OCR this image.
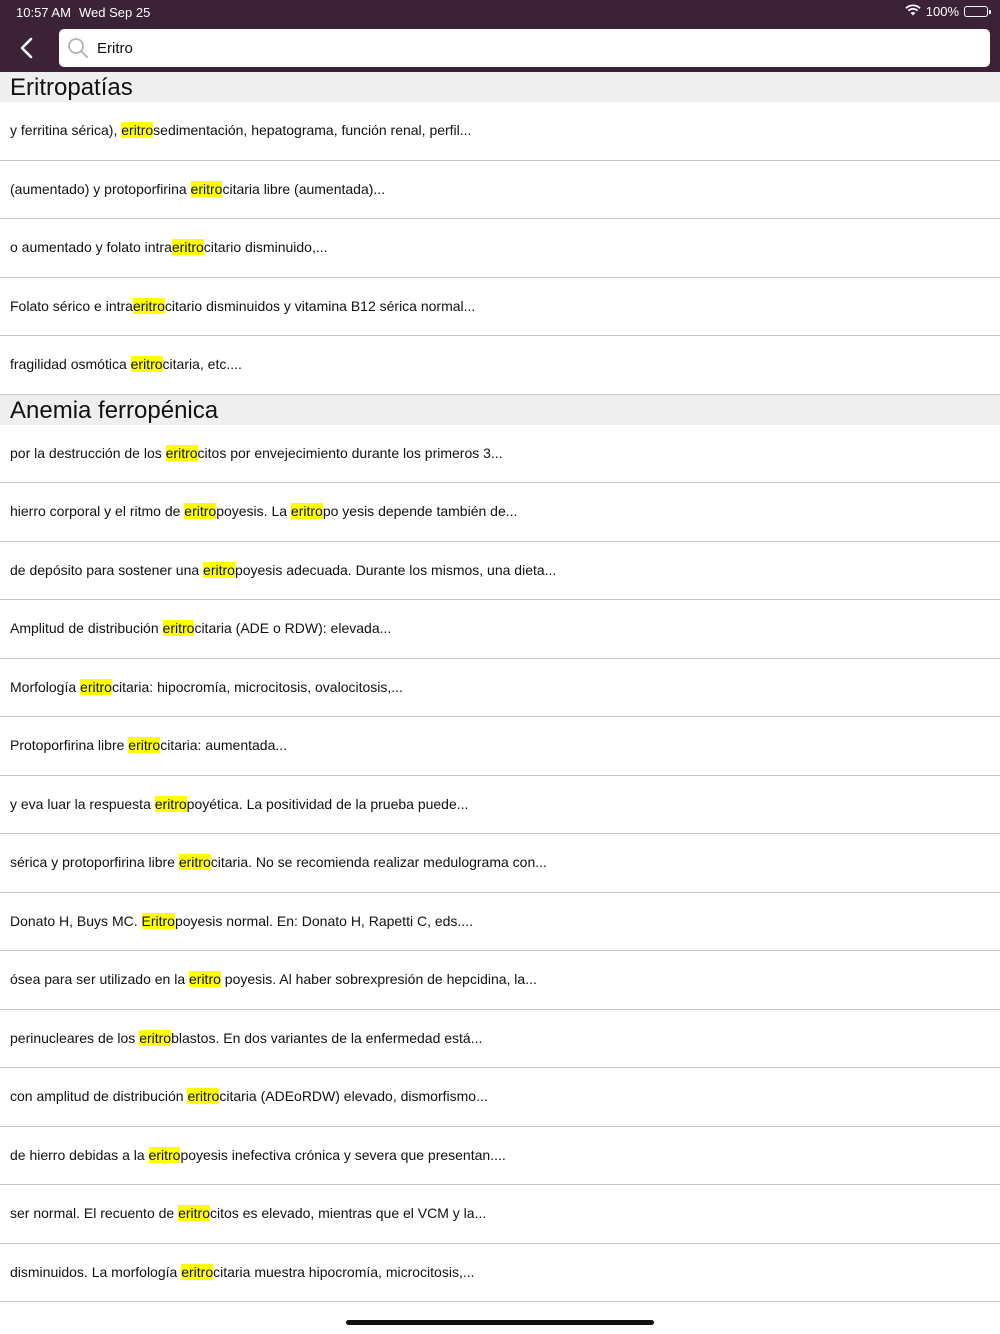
10:57 AM Wed Sep 25	100%
Eritro
Eritropatías
y ferritina sérica), eritrosedimentación, hepatograma, función renal, perfil...
(aumentado) y protoporfirina eritrocitaria libre (aumentada)...
o aumentado y folato intraeritrocitario disminuido,...
Folato sérico e intraeritrocitario disminuidos y vitamina B12 sérica normal...
fragilidad osmótica eritrocitaria, etc....
Anemia ferropénica
por la destrucción de los eritrocitos por envejecimiento durante los primeros 3...
hierro corporal y el ritmo de eritropoyesis. La eritropo yesis depende también de...
de depósito para sostener una eritropoyesis adecuada. Durante los mismos, una dieta...
Amplitud de distribución eritrocitaria (ADE o RDW): elevada...
Morfología eritrocitaria: hipocromía, microcitosis, ovalocitosis,...
Protoporfirina libre eritrocitaria: aumentada...
y eva luar la respuesta eritropoyética. La positividad de la prueba puede...
sérica y protoporfirina libre eritrocitaria. No se recomienda realizar medulograma con...
Donato H, Buys MC. Eritropoyesis normal. En: Donato H, Rapetti C, eds....
ósea para ser utilizado en la eritro poyesis. Al haber sobrexpresión de hepcidina, la...
perinucleares de los eritroblastos. En dos variantes de la enfermedad está...
con amplitud de distribución eritrocitaria (ADEoRDW) elevado, dismorfismo...
de hierro debidas a la eritropoyesis inefectiva crónica y severa que presentan....
ser normal. El recuento de eritrocitos es elevado, mientras que el VCM y la...
disminuidos. La morfología eritrocitaria muestra hipocromía, microcitosis,...
